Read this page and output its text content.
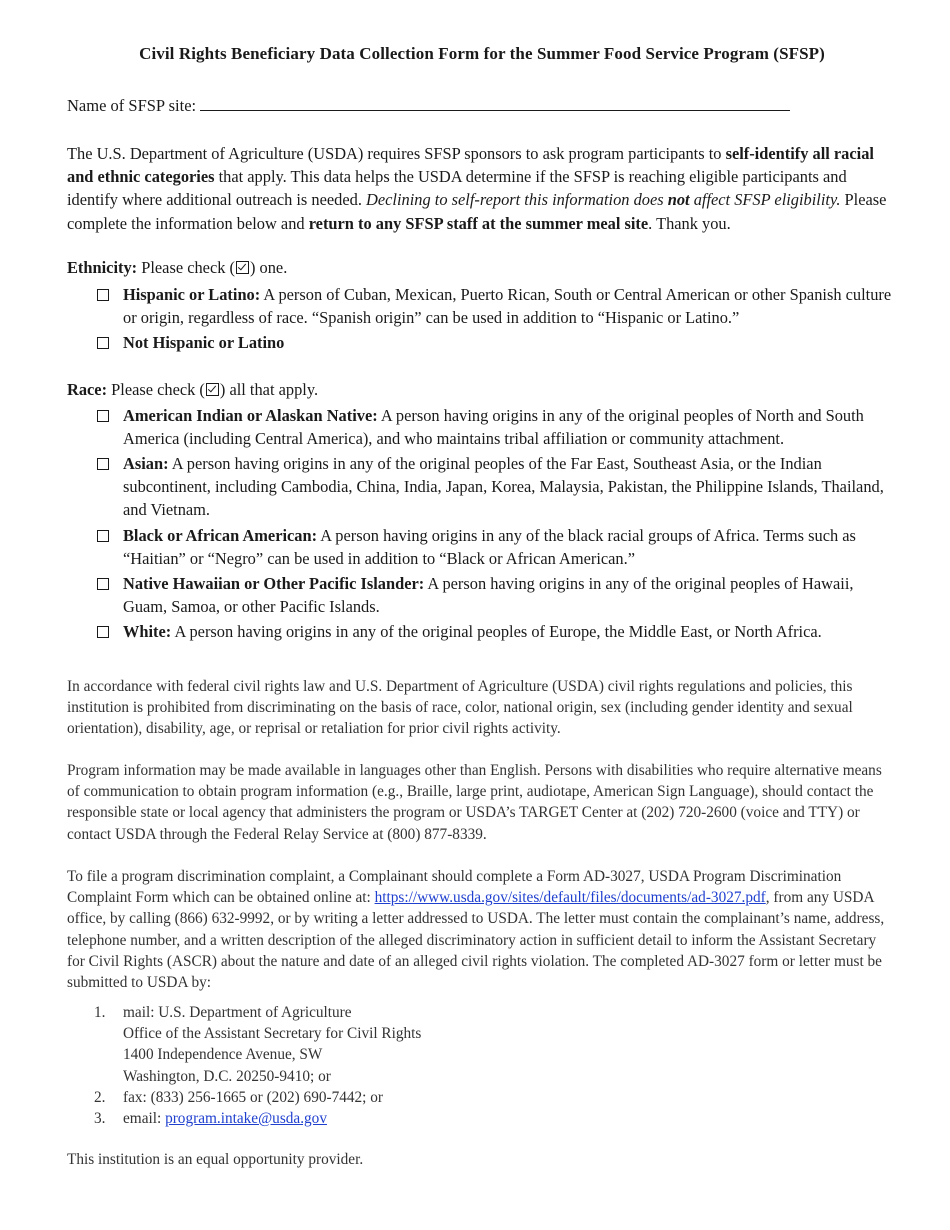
Civil Rights Beneficiary Data Collection Form for the Summer Food Service Program (SFSP)
Name of SFSP site:
The U.S. Department of Agriculture (USDA) requires SFSP sponsors to ask program participants to self-identify all racial and ethnic categories that apply. This data helps the USDA determine if the SFSP is reaching eligible participants and identify where additional outreach is needed. Declining to self-report this information does not affect SFSP eligibility. Please complete the information below and return to any SFSP staff at the summer meal site. Thank you.
Ethnicity: Please check ( ) one.
Hispanic or Latino: A person of Cuban, Mexican, Puerto Rican, South or Central American or other Spanish culture or origin, regardless of race. “Spanish origin” can be used in addition to “Hispanic or Latino.”
Not Hispanic or Latino
Race: Please check ( ) all that apply.
American Indian or Alaskan Native: A person having origins in any of the original peoples of North and South America (including Central America), and who maintains tribal affiliation or community attachment.
Asian: A person having origins in any of the original peoples of the Far East, Southeast Asia, or the Indian subcontinent, including Cambodia, China, India, Japan, Korea, Malaysia, Pakistan, the Philippine Islands, Thailand, and Vietnam.
Black or African American: A person having origins in any of the black racial groups of Africa. Terms such as “Haitian” or “Negro” can be used in addition to “Black or African American.”
Native Hawaiian or Other Pacific Islander: A person having origins in any of the original peoples of Hawaii, Guam, Samoa, or other Pacific Islands.
White: A person having origins in any of the original peoples of Europe, the Middle East, or North Africa.
In accordance with federal civil rights law and U.S. Department of Agriculture (USDA) civil rights regulations and policies, this institution is prohibited from discriminating on the basis of race, color, national origin, sex (including gender identity and sexual orientation), disability, age, or reprisal or retaliation for prior civil rights activity.
Program information may be made available in languages other than English. Persons with disabilities who require alternative means of communication to obtain program information (e.g., Braille, large print, audiotape, American Sign Language), should contact the responsible state or local agency that administers the program or USDA’s TARGET Center at (202) 720-2600 (voice and TTY) or contact USDA through the Federal Relay Service at (800) 877-8339.
To file a program discrimination complaint, a Complainant should complete a Form AD-3027, USDA Program Discrimination Complaint Form which can be obtained online at: https://www.usda.gov/sites/default/files/documents/ad-3027.pdf, from any USDA office, by calling (866) 632-9992, or by writing a letter addressed to USDA. The letter must contain the complainant’s name, address, telephone number, and a written description of the alleged discriminatory action in sufficient detail to inform the Assistant Secretary for Civil Rights (ASCR) about the nature and date of an alleged civil rights violation. The completed AD-3027 form or letter must be submitted to USDA by:
1.	mail: U.S. Department of Agriculture
Office of the Assistant Secretary for Civil Rights
1400 Independence Avenue, SW
Washington, D.C. 20250-9410; or
2.	fax: (833) 256-1665 or (202) 690-7442; or
3.	email: program.intake@usda.gov
This institution is an equal opportunity provider.
